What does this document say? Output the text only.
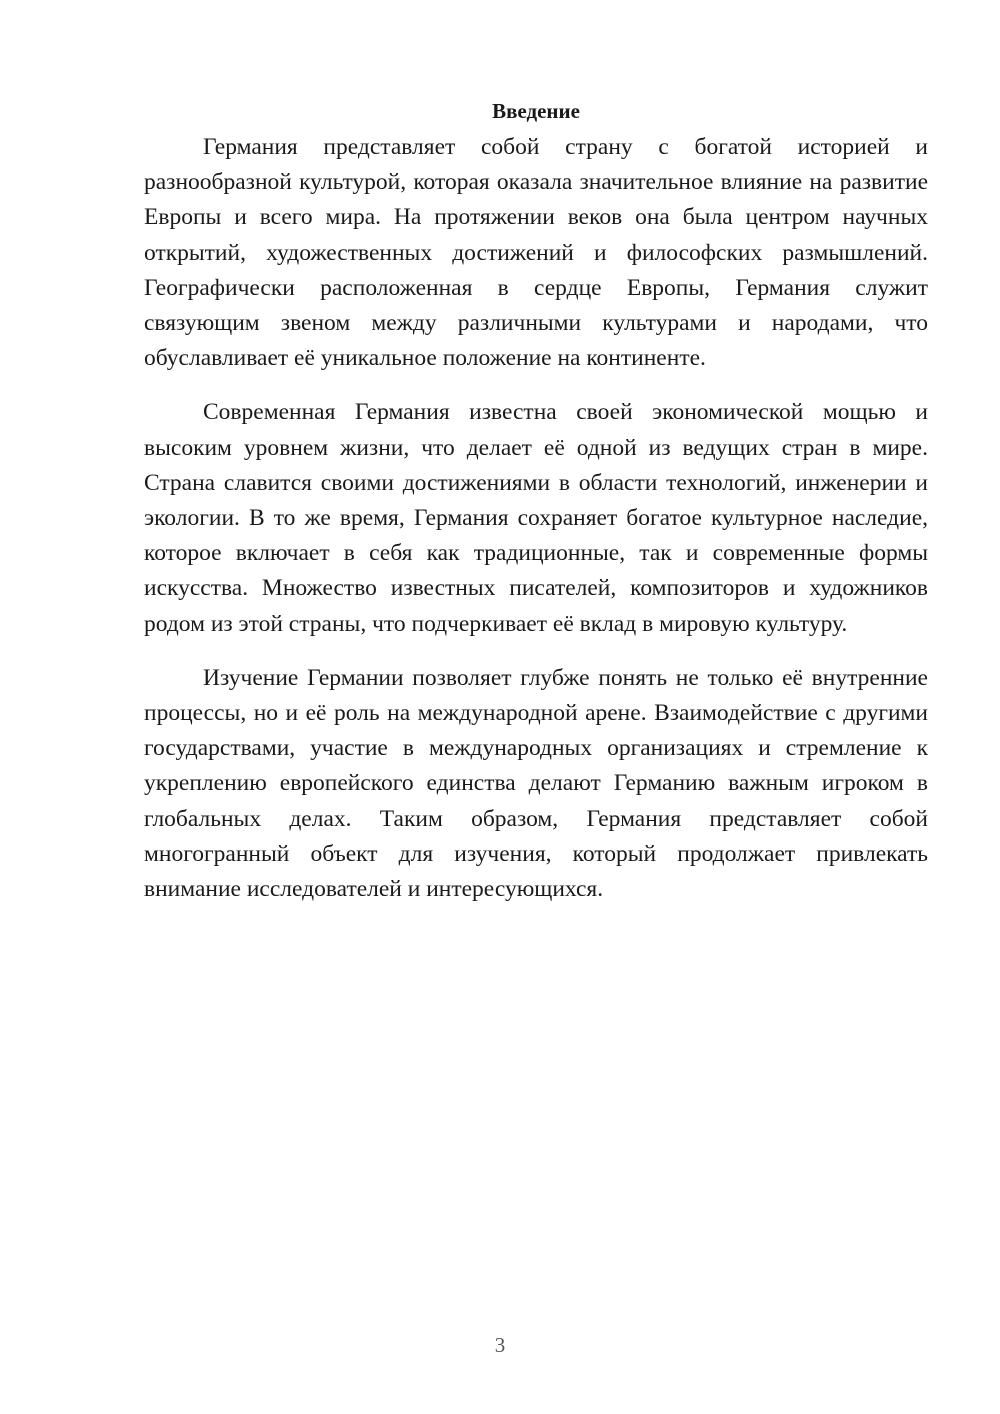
Введение

Германия представляет собой страну с богатой историей и разнообразной культурой, которая оказала значительное влияние на развитие Европы и всего мира. На протяжении веков она была центром научных открытий, художественных достижений и философских размышлений. Географически расположенная в сердце Европы, Германия служит связующим звеном между различными культурами и народами, что обуславливает её уникальное положение на континенте.

Современная Германия известна своей экономической мощью и высоким уровнем жизни, что делает её одной из ведущих стран в мире. Страна славится своими достижениями в области технологий, инженерии и экологии. В то же время, Германия сохраняет богатое культурное наследие, которое включает в себя как традиционные, так и современные формы искусства. Множество известных писателей, композиторов и художников родом из этой страны, что подчеркивает её вклад в мировую культуру.

Изучение Германии позволяет глубже понять не только её внутренние процессы, но и её роль на международной арене. Взаимодействие с другими государствами, участие в международных организациях и стремление к укреплению европейского единства делают Германию важным игроком в глобальных делах. Таким образом, Германия представляет собой многогранный объект для изучения, который продолжает привлекать внимание исследователей и интересующихся.

3
